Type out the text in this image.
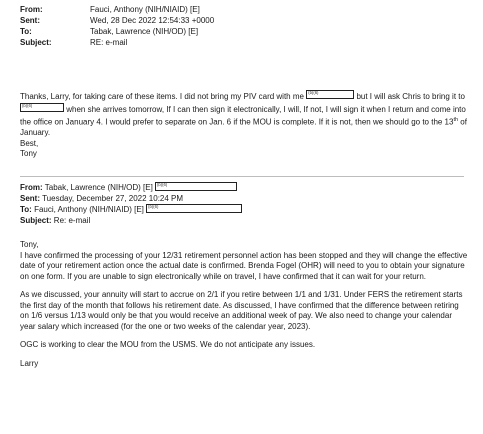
From:	Fauci, Anthony (NIH/NIAID) [E]
Sent:	Wed, 28 Dec 2022 12:54:33 +0000
To:	Tabak, Lawrence (NIH/OD) [E]
Subject:	RE: e-mail

Thanks, Larry, for taking care of these items. I did not bring my PIV card with me (b)(6)	but I will ask Chris to bring it to
(b)(6)	when she arrives tomorrow, If I can then sign it electronically, I will, If not, I will sign it when I return and come into the office on January 4. I would prefer to separate on Jan. 6 if the MOU is complete. If it is not, then we should go to the 13th of January.

Best,

Tony

From: Tabak, Lawrence (NIH/OD) [E] (b)(6)
Sent: Tuesday, December 27, 2022 10:24 PM
To: Fauci, Anthony (NIH/NIAID) [E] (b)(6)
Subject: Re: e-mail

Tony,

I have confirmed the processing of your 12/31 retirement personnel action has been stopped and they will change the effective date of your retirement action once the actual date is confirmed. Brenda Fogel (OHR) will need to you to obtain your signature on one form. If you are unable to sign electronically while on travel, I have confirmed that it can wait for your return.

As we discussed, your annuity will start to accrue on 2/1 if you retire between 1/1 and 1/31. Under FERS the retirement starts the first day of the month that follows his retirement date. As discussed, I have confirmed that the difference between retiring on 1/6 versus 1/13 would only be that you would receive an additional week of pay. We also need to change your calendar year salary which increased (for the one or two weeks of the calendar year, 2023).

OGC is working to clear the MOU from the USMS. We do not anticipate any issues.

Larry
